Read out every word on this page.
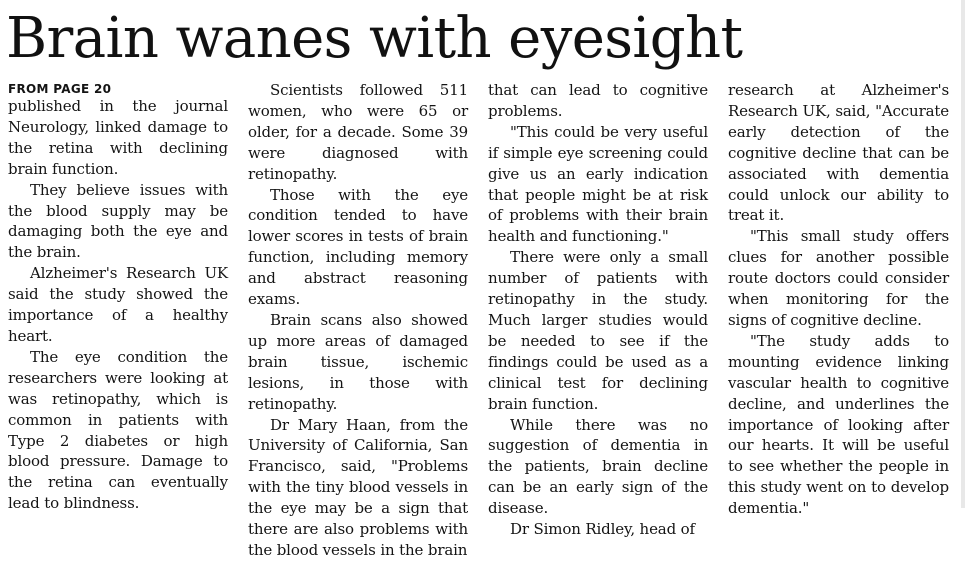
Brain wanes with eyesight
FROM PAGE 20

published in the journal Neurology, linked damage to the retina with declining brain function.

They believe issues with the blood supply may be damaging both the eye and the brain.

Alzheimer's Research UK said the study showed the importance of a healthy heart.

The eye condition the researchers were looking at was retinopathy, which is common in patients with Type 2 diabetes or high blood pressure. Damage to the retina can eventually lead to blindness.

Scientists followed 511 women, who were 65 or older, for a decade. Some 39 were diagnosed with retinopathy.

Those with the eye condition tended to have lower scores in tests of brain function, including memory and abstract reasoning exams.

Brain scans also showed up more areas of damaged brain tissue, ischemic lesions, in those with retinopathy.

Dr Mary Haan, from the University of California, San Francisco, said, "Problems with the tiny blood vessels in the eye may be a sign that there are also problems with the blood vessels in the brain

that can lead to cognitive problems.

"This could be very useful if simple eye screening could give us an early indication that people might be at risk of problems with their brain health and functioning."

There were only a small number of patients with retinopathy in the study. Much larger studies would be needed to see if the findings could be used as a clinical test for declining brain function.

While there was no suggestion of dementia in the patients, brain decline can be an early sign of the disease.

Dr Simon Ridley, head of

research at Alzheimer's Research UK, said, "Accurate early detection of the cognitive decline that can be associated with dementia could unlock our ability to treat it.

"This small study offers clues for another possible route doctors could consider when monitoring for the signs of cognitive decline.

"The study adds to mounting evidence linking vascular health to cognitive decline, and underlines the importance of looking after our hearts. It will be useful to see whether the people in this study went on to develop dementia."
